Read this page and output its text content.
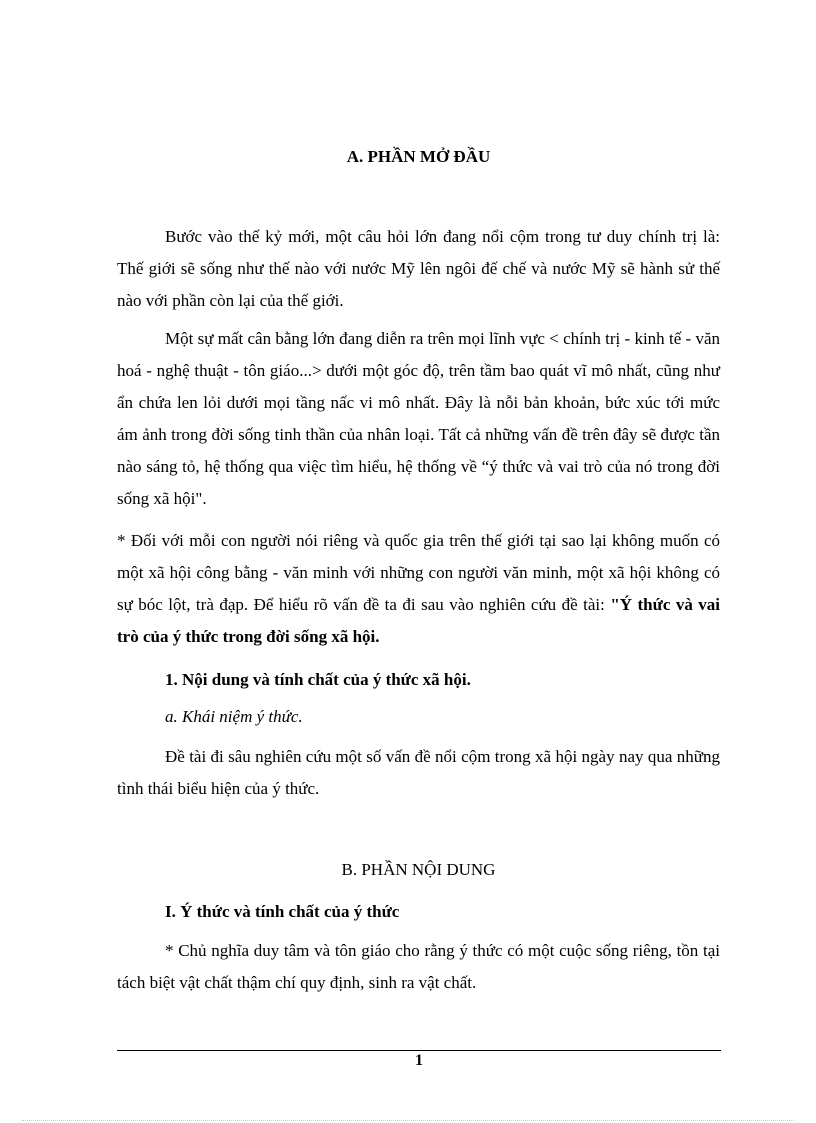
A. PHẦN MỞ ĐẦU
Bước vào thế kỷ mới, một câu hỏi lớn đang nổi cộm trong tư duy chính trị là: Thế giới sẽ sống như thế nào với nước Mỹ lên ngôi đế chế và nước Mỹ sẽ hành sử thế nào với phần còn lại của thế giới.
Một sự mất cân bằng lớn đang diễn ra trên mọi lĩnh vực < chính trị - kinh tế - văn hoá - nghệ thuật - tôn giáo...> dưới một góc độ, trên tầm bao quát vĩ mô nhất, cũng như ẩn chứa len lỏi dưới mọi tầng nấc vi mô nhất. Đây là nỗi bản khoản, bức xúc tới mức ám ảnh trong đời sống tinh thần của nhân loại. Tất cả những vấn đề trên đây sẽ được tần nào sáng tỏ, hệ thống qua việc tìm hiểu, hệ thống về “ý thức và vai trò của nó trong đời sống xã hội".
* Đối với mỗi con người nói riêng và quốc gia trên thế giới tại sao lại không muốn có một xã hội công bằng - văn minh với những con người văn minh, một xã hội không có sự bóc lột, trà đạp. Để hiểu rõ vấn đề ta đi sau vào nghiên cứu đề tài: "Ý thức và vai trò của ý thức trong đời sống xã hội.
1. Nội dung và tính chất của ý thức xã hội.
a. Khái niệm ý thức.
Đề tài đi sâu nghiên cứu một số vấn đề nổi cộm trong xã hội ngày nay qua những tình thái biểu hiện của ý thức.
B. PHẦN NỘI DUNG
I. Ý thức và tính chất của ý thức
* Chủ nghĩa duy tâm và tôn giáo cho rằng ý thức có một cuộc sống riêng, tồn tại tách biệt vật chất thậm chí quy định, sinh ra vật chất.
1
